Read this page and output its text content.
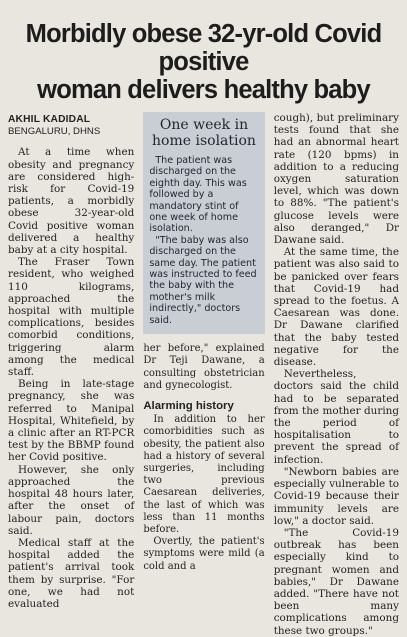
Morbidly obese 32-yr-old Covid positive
woman delivers healthy baby
AKHIL KADIDAL
BENGALURU, DHNS

At a time when obesity and pregnancy are considered high-risk for Covid-19 patients, a morbidly obese 32-year-old Covid positive woman delivered a healthy baby at a city hospital.

The Fraser Town resident, who weighed 110 kilograms, approached the hospital with multiple complications, besides comorbid conditions, triggering alarm among the medical staff.

Being in late-stage pregnancy, she was referred to Manipal Hospital, Whitefield, by a clinic after an RT-PCR test by the BBMP found her Covid positive.

However, she only approached the hospital 48 hours later, after the onset of labour pain, doctors said.

Medical staff at the hospital added the patient's arrival took them by surprise. "For one, we had not evaluated

One week in home isolation

The patient was discharged on the eighth day. This was followed by a mandatory stint of one week of home isolation.

"The baby was also discharged on the same day. The patient was instructed to feed the baby with the mother's milk indirectly," doctors said.

her before," explained Dr Teji Dawane, a consulting obstetrician and gynecologist.

Alarming history

In addition to her comorbidities such as obesity, the patient also had a history of several surgeries, including two previous Caesarean deliveries, the last of which was less than 11 months before.

Overtly, the patient's symptoms were mild (a cold and a

cough), but preliminary tests found that she had an abnormal heart rate (120 bpms) in addition to a reducing oxygen saturation level, which was down to 88%. "The patient's glucose levels were also deranged," Dr Dawane said.

At the same time, the patient was also said to be panicked over fears that Covid-19 had spread to the foetus. A Caesarean was done. Dr Dawane clarified that the baby tested negative for the disease.

Nevertheless, doctors said the child had to be separated from the mother during the period of hospitalisation to prevent the spread of infection.

"Newborn babies are especially vulnerable to Covid-19 because their immunity levels are low," a doctor said.

"The Covid-19 outbreak has been especially kind to pregnant women and babies," Dr Dawane added. "There have not been many complications among these two groups."
